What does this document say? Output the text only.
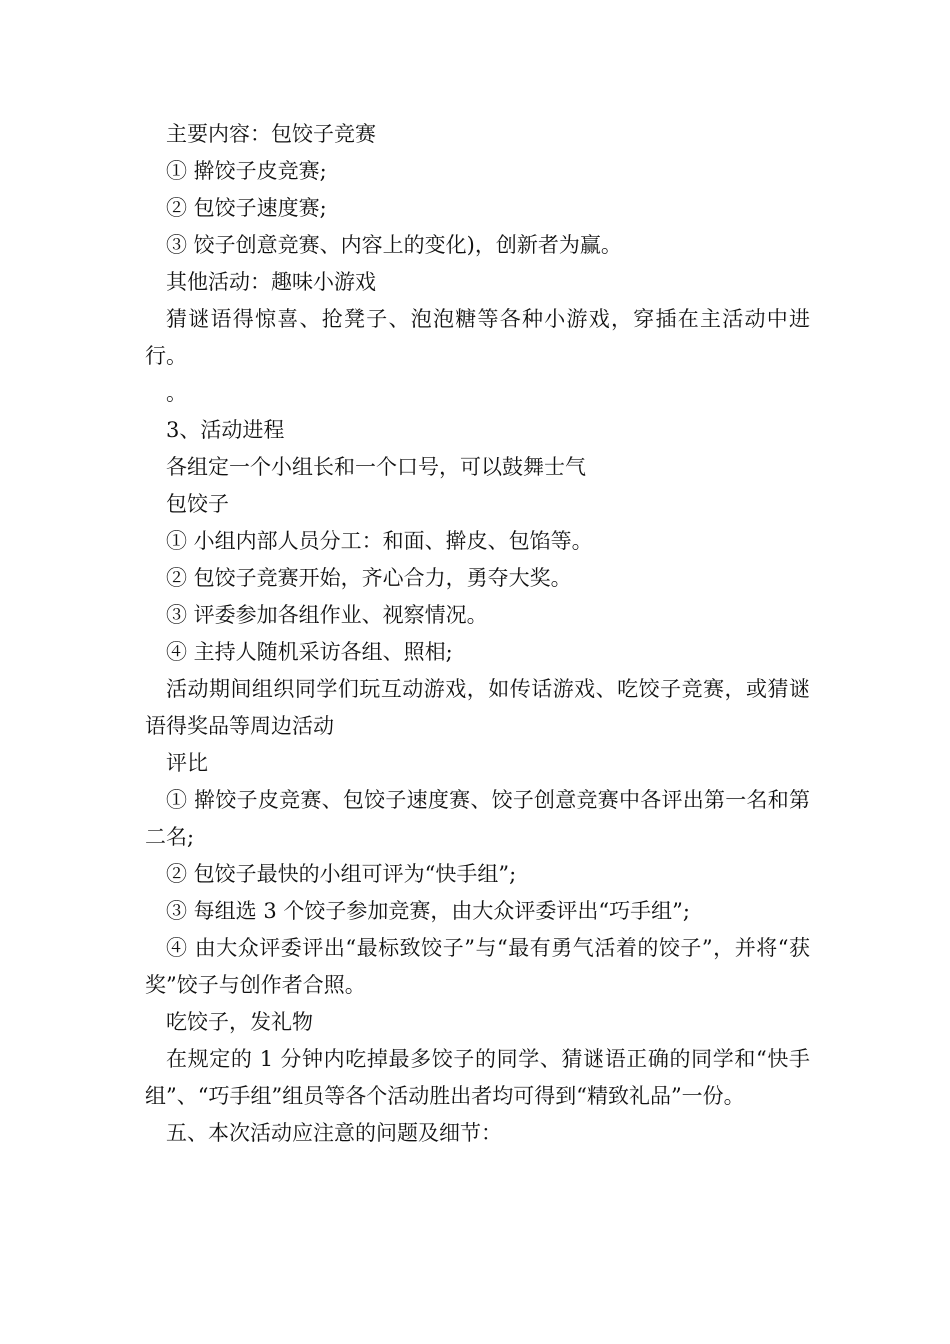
主要内容：包饺子竞赛

① 擀饺子皮竞赛;

② 包饺子速度赛;

③ 饺子创意竞赛、内容上的变化)，创新者为赢。

其他活动：趣味小游戏

猜谜语得惊喜、抢凳子、泡泡糖等各种小游戏，穿插在主活动中进行。

。

3、活动进程

各组定一个小组长和一个口号，可以鼓舞士气

包饺子

① 小组内部人员分工：和面、擀皮、包馅等。

② 包饺子竞赛开始，齐心合力，勇夺大奖。

③ 评委参加各组作业、视察情况。

④ 主持人随机采访各组、照相;

活动期间组织同学们玩互动游戏，如传话游戏、吃饺子竞赛，或猜谜语得奖品等周边活动

评比

① 擀饺子皮竞赛、包饺子速度赛、饺子创意竞赛中各评出第一名和第二名;

② 包饺子最快的小组可评为“快手组”;

③ 每组选 3 个饺子参加竞赛，由大众评委评出“巧手组”;

④ 由大众评委评出“最标致饺子”与“最有勇气活着的饺子”，并将“获奖”饺子与创作者合照。

吃饺子，发礼物

在规定的 1 分钟内吃掉最多饺子的同学、猜谜语正确的同学和“快手组”、“巧手组”组员等各个活动胜出者均可得到“精致礼品”一份。

五、本次活动应注意的问题及细节：
